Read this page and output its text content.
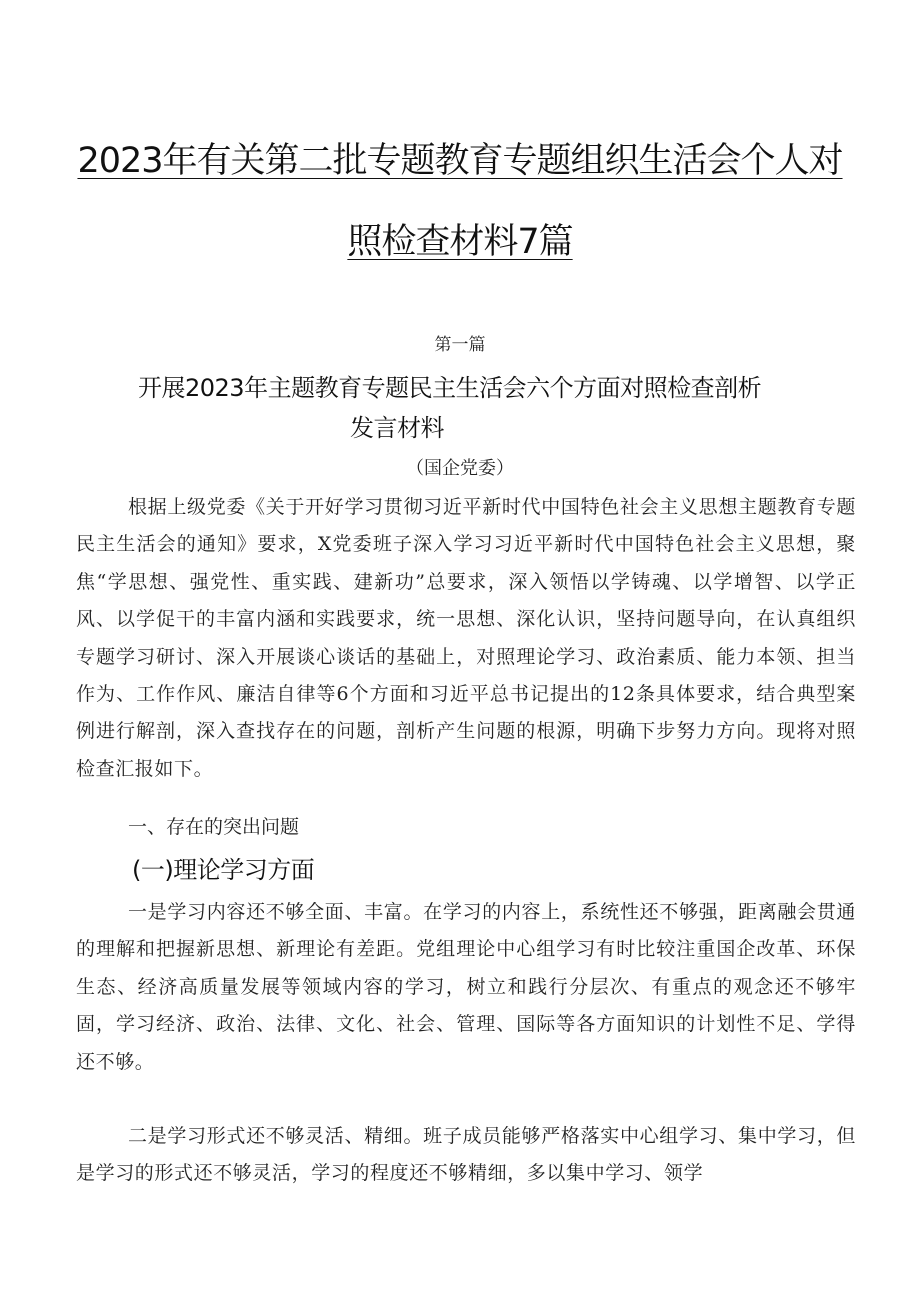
2023年有关第二批专题教育专题组织生活会个人对
照检查材料7篇
第一篇
开展2023年主题教育专题民主生活会六个方面对照检查剖析
发言材料
（国企党委）
根据上级党委《关于开好学习贯彻习近平新时代中国特色社会主义思想主题教育专题民主生活会的通知》要求，X党委班子深入学习习近平新时代中国特色社会主义思想，聚焦“学思想、强党性、重实践、建新功”总要求，深入领悟以学铸魂、以学增智、以学正风、以学促干的丰富内涵和实践要求，统一思想、深化认识，坚持问题导向，在认真组织专题学习研讨、深入开展谈心谈话的基础上，对照理论学习、政治素质、能力本领、担当作为、工作作风、廉洁自律等6个方面和习近平总书记提出的12条具体要求，结合典型案例进行解剖，深入查找存在的问题，剖析产生问题的根源，明确下步努力方向。现将对照检查汇报如下。
一、存在的突出问题
(一)理论学习方面
一是学习内容还不够全面、丰富。在学习的内容上，系统性还不够强，距离融会贯通的理解和把握新思想、新理论有差距。党组理论中心组学习有时比较注重国企改革、环保生态、经济高质量发展等领域内容的学习，树立和践行分层次、有重点的观念还不够牢固，学习经济、政治、法律、文化、社会、管理、国际等各方面知识的计划性不足、学得还不够。
二是学习形式还不够灵活、精细。班子成员能够严格落实中心组学习、集中学习，但是学习的形式还不够灵活，学习的程度还不够精细，多以集中学习、领学
